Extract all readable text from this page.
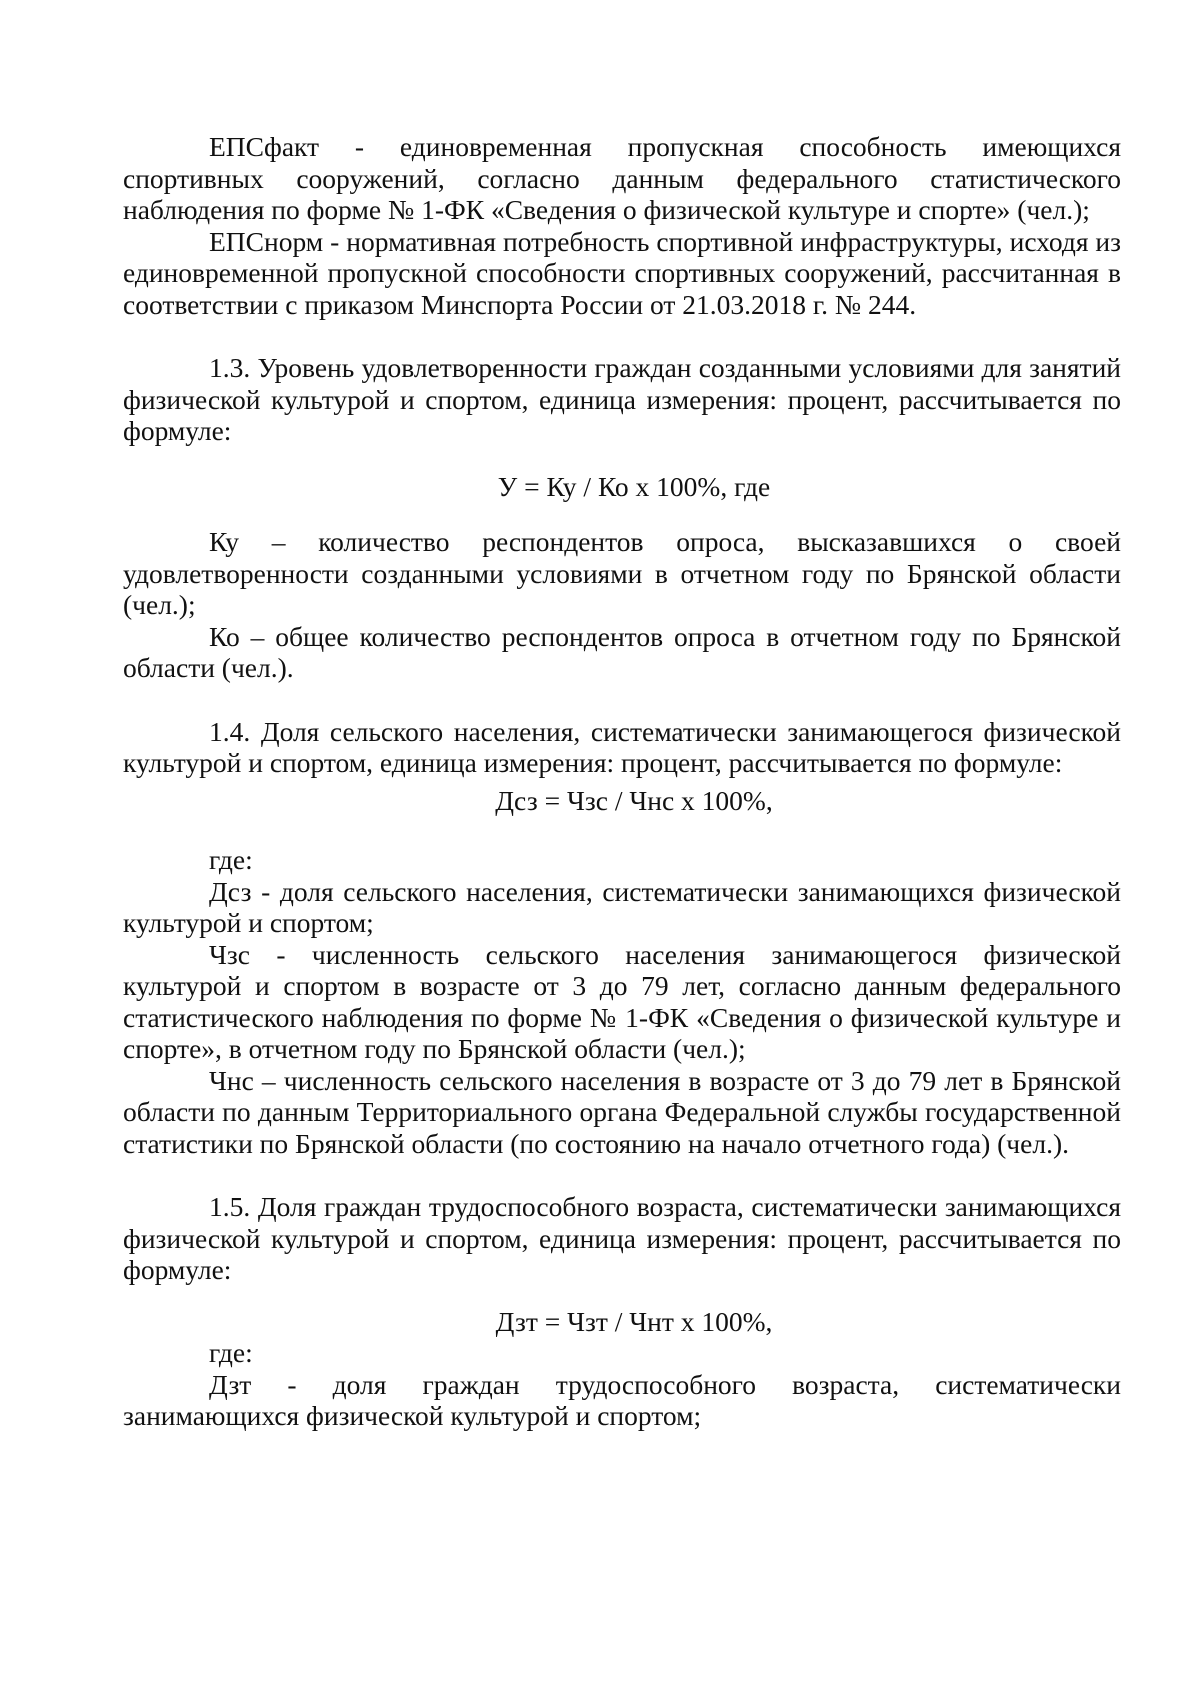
ЕПСфакт - единовременная пропускная способность имеющихся спортивных сооружений, согласно данным федерального статистического наблюдения по форме № 1-ФК «Сведения о физической культуре и спорте» (чел.);

ЕПСнорм - нормативная потребность спортивной инфраструктуры, исходя из единовременной пропускной способности спортивных сооружений, рассчитанная в соответствии с приказом Минспорта России от 21.03.2018 г. № 244.

1.3. Уровень удовлетворенности граждан созданными условиями для занятий физической культурой и спортом, единица измерения: процент, рассчитывается по формуле:

У = Ку / Ко х 100%, где

Ку – количество респондентов опроса, высказавшихся о своей удовлетворенности созданными условиями в отчетном году по Брянской области (чел.);

Ко – общее количество респондентов опроса в отчетном году по Брянской области (чел.).

1.4. Доля сельского населения, систематически занимающегося физической культурой и спортом, единица измерения: процент, рассчитывается по формуле:

Дсз = Чзс / Чнс х 100%,

где:

Дсз - доля сельского населения, систематически занимающихся физической культурой и спортом;

Чзс - численность сельского населения занимающегося физической культурой и спортом в возрасте от 3 до 79 лет, согласно данным федерального статистического наблюдения по форме № 1-ФК «Сведения о физической культуре и спорте», в отчетном году по Брянской области (чел.);

Чнс – численность сельского населения в возрасте от 3 до 79 лет в Брянской области по данным Территориального органа Федеральной службы государственной статистики по Брянской области (по состоянию на начало отчетного года) (чел.).

1.5. Доля граждан трудоспособного возраста, систематически занимающихся физической культурой и спортом, единица измерения: процент, рассчитывается по формуле:

Дзт = Чзт / Чнт х 100%,

где:

Дзт - доля граждан трудоспособного возраста, систематически занимающихся физической культурой и спортом;
